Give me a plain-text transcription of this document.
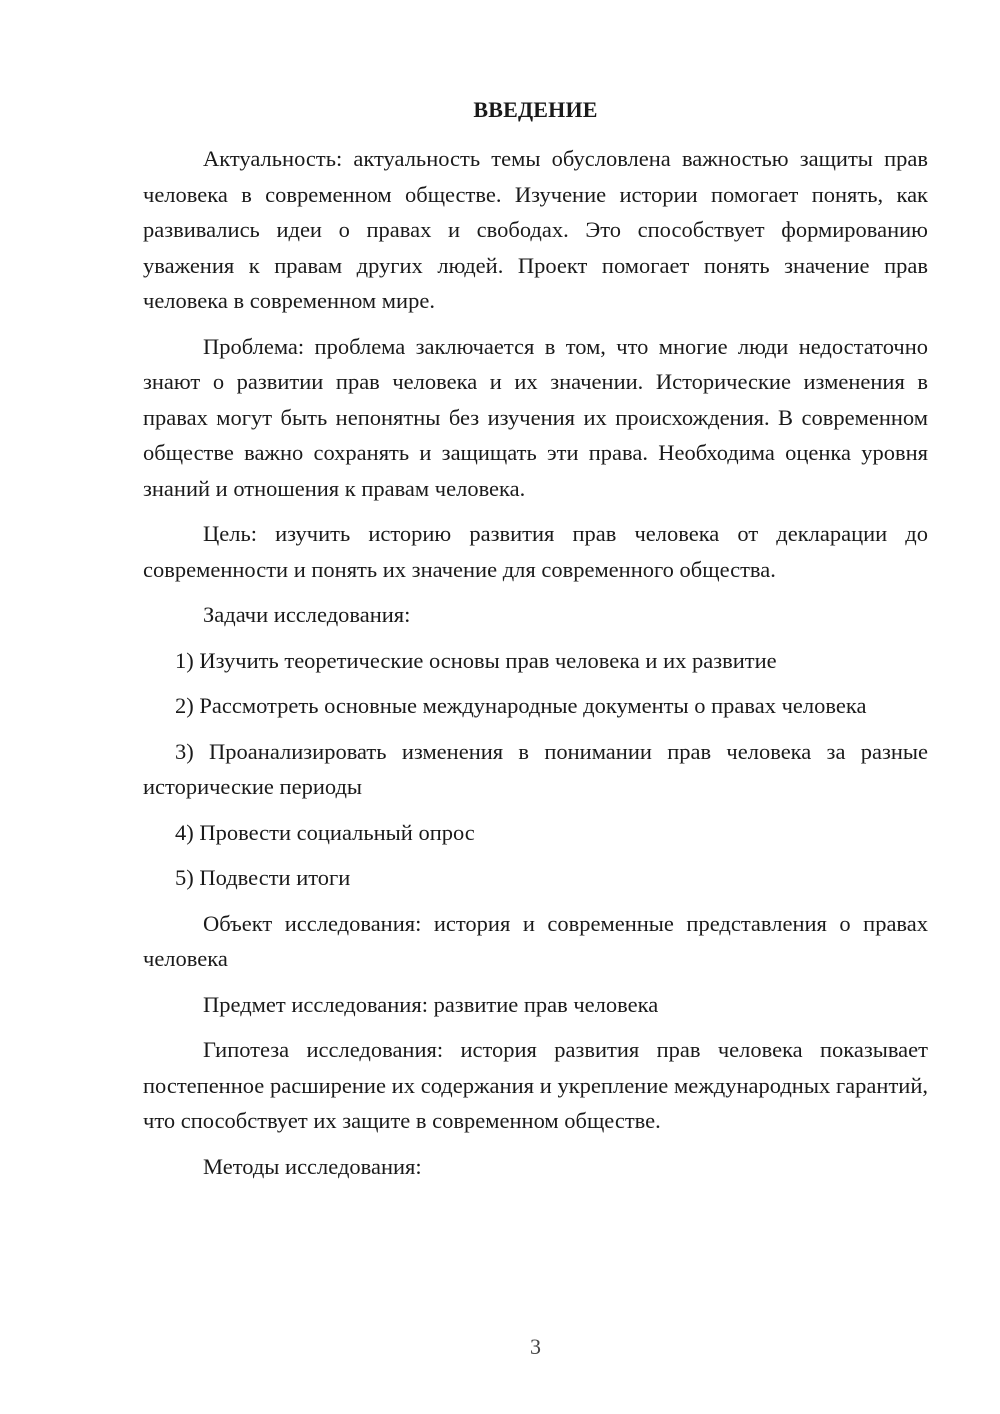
ВВЕДЕНИЕ

Актуальность: актуальность темы обусловлена важностью защиты прав человека в современном обществе. Изучение истории помогает понять, как развивались идеи о правах и свободах. Это способствует формированию уважения к правам других людей. Проект помогает понять значение прав человека в современном мире.

Проблема: проблема заключается в том, что многие люди недостаточно знают о развитии прав человека и их значении. Исторические изменения в правах могут быть непонятны без изучения их происхождения. В современном обществе важно сохранять и защищать эти права. Необходима оценка уровня знаний и отношения к правам человека.

Цель: изучить историю развития прав человека от декларации до современности и понять их значение для современного общества.

Задачи исследования:

1) Изучить теоретические основы прав человека и их развитие

2) Рассмотреть основные международные документы о правах человека

3) Проанализировать изменения в понимании прав человека за разные исторические периоды

4) Провести социальный опрос

5) Подвести итоги

Объект исследования: история и современные представления о правах человека

Предмет исследования: развитие прав человека

Гипотеза исследования: история развития прав человека показывает постепенное расширение их содержания и укрепление международных гарантий, что способствует их защите в современном обществе.

Методы исследования:

3
